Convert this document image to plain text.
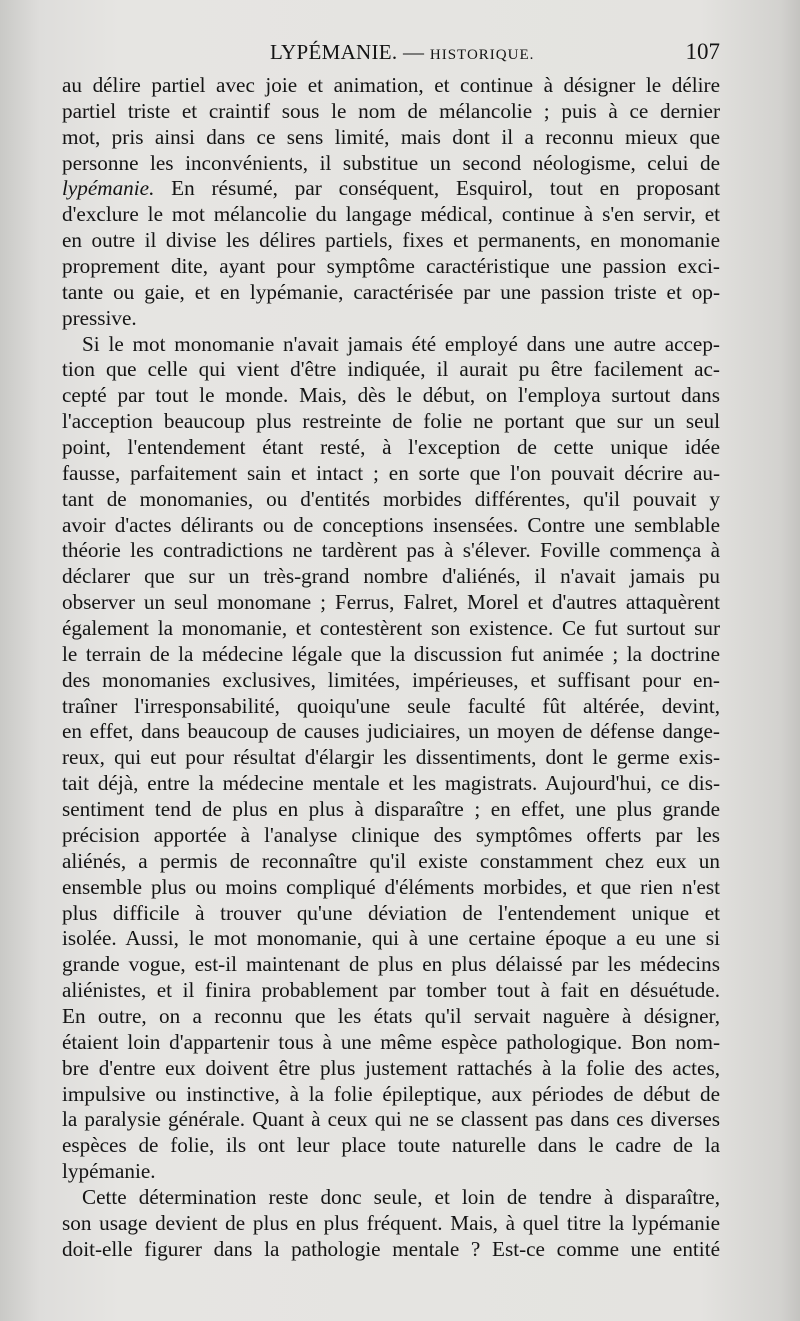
LYPÉMANIE. — HISTORIQUE.	107
au délire partiel avec joie et animation, et continue à désigner le délire
partiel triste et craintif sous le nom de mélancolie ; puis à ce dernier
mot, pris ainsi dans ce sens limité, mais dont il a reconnu mieux que
personne les inconvénients, il substitue un second néologisme, celui de
lypémanie. En résumé, par conséquent, Esquirol, tout en proposant
d'exclure le mot mélancolie du langage médical, continue à s'en servir, et
en outre il divise les délires partiels, fixes et permanents, en monomanie
proprement dite, ayant pour symptôme caractéristique une passion exci-
tante ou gaie, et en lypémanie, caractérisée par une passion triste et op-
pressive.
Si le mot monomanie n'avait jamais été employé dans une autre accep-
tion que celle qui vient d'être indiquée, il aurait pu être facilement ac-
cepté par tout le monde. Mais, dès le début, on l'employa surtout dans
l'acception beaucoup plus restreinte de folie ne portant que sur un seul
point, l'entendement étant resté, à l'exception de cette unique idée
fausse, parfaitement sain et intact ; en sorte que l'on pouvait décrire au-
tant de monomanies, ou d'entités morbides différentes, qu'il pouvait y
avoir d'actes délirants ou de conceptions insensées. Contre une semblable
théorie les contradictions ne tardèrent pas à s'élever. Foville commença à
déclarer que sur un très-grand nombre d'aliénés, il n'avait jamais pu
observer un seul monomane ; Ferrus, Falret, Morel et d'autres attaquèrent
également la monomanie, et contestèrent son existence. Ce fut surtout sur
le terrain de la médecine légale que la discussion fut animée ; la doctrine
des monomanies exclusives, limitées, impérieuses, et suffisant pour en-
traîner l'irresponsabilité, quoiqu'une seule faculté fût altérée, devint,
en effet, dans beaucoup de causes judiciaires, un moyen de défense dange-
reux, qui eut pour résultat d'élargir les dissentiments, dont le germe exis-
tait déjà, entre la médecine mentale et les magistrats. Aujourd'hui, ce dis-
sentiment tend de plus en plus à disparaître ; en effet, une plus grande
précision apportée à l'analyse clinique des symptômes offerts par les
aliénés, a permis de reconnaître qu'il existe constamment chez eux un
ensemble plus ou moins compliqué d'éléments morbides, et que rien n'est
plus difficile à trouver qu'une déviation de l'entendement unique et
isolée. Aussi, le mot monomanie, qui à une certaine époque a eu une si
grande vogue, est-il maintenant de plus en plus délaissé par les médecins
aliénistes, et il finira probablement par tomber tout à fait en désuétude.
En outre, on a reconnu que les états qu'il servait naguère à désigner,
étaient loin d'appartenir tous à une même espèce pathologique. Bon nom-
bre d'entre eux doivent être plus justement rattachés à la folie des actes,
impulsive ou instinctive, à la folie épileptique, aux périodes de début de
la paralysie générale. Quant à ceux qui ne se classent pas dans ces diverses
espèces de folie, ils ont leur place toute naturelle dans le cadre de la
lypémanie.
Cette détermination reste donc seule, et loin de tendre à disparaître,
son usage devient de plus en plus fréquent. Mais, à quel titre la lypémanie
doit-elle figurer dans la pathologie mentale ? Est-ce comme une entité
